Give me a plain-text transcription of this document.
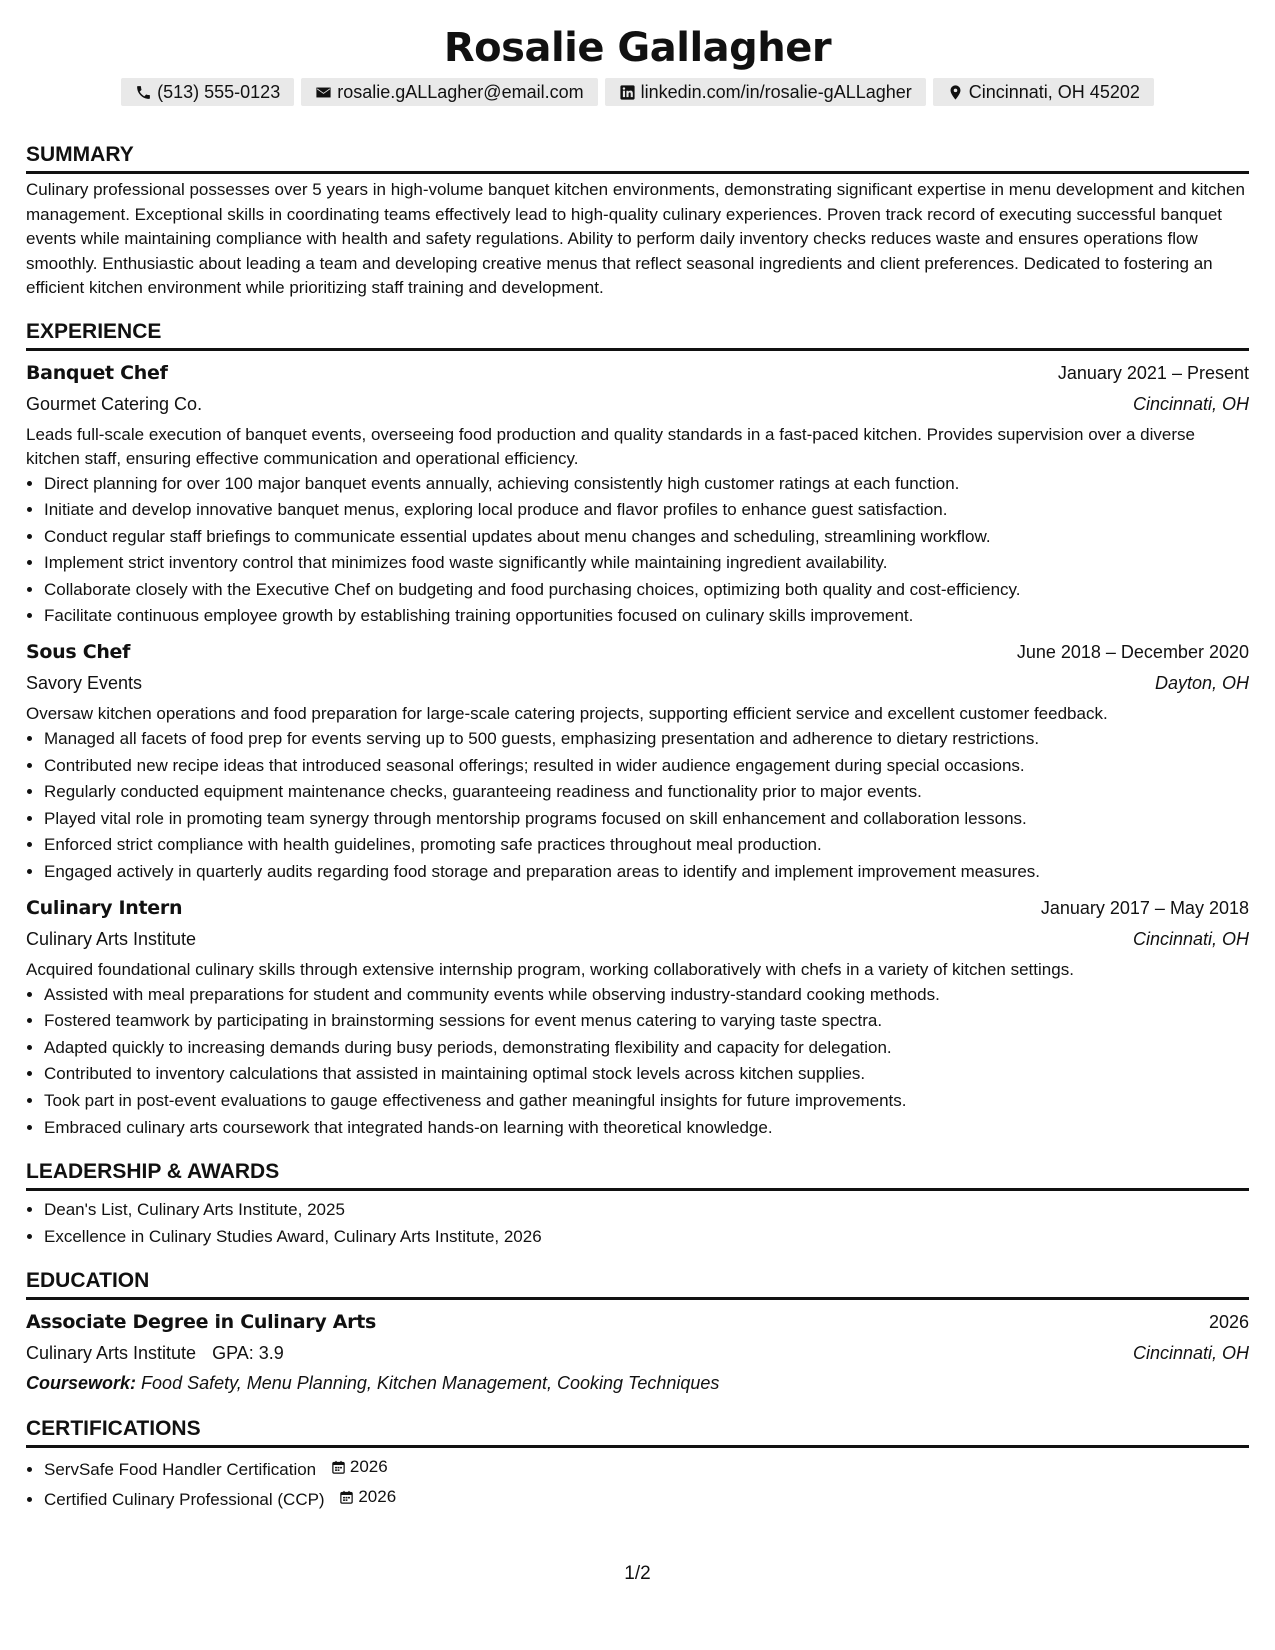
Rosalie Gallagher
(513) 555-0123	rosalie.gALLagher@email.com	linkedin.com/in/rosalie-gALLagher	Cincinnati, OH 45202
SUMMARY
Culinary professional possesses over 5 years in high-volume banquet kitchen environments, demonstrating significant expertise in menu development and kitchen management. Exceptional skills in coordinating teams effectively lead to high-quality culinary experiences. Proven track record of executing successful banquet events while maintaining compliance with health and safety regulations. Ability to perform daily inventory checks reduces waste and ensures operations flow smoothly. Enthusiastic about leading a team and developing creative menus that reflect seasonal ingredients and client preferences. Dedicated to fostering an efficient kitchen environment while prioritizing staff training and development.
EXPERIENCE
Banquet Chef	January 2021 – Present
Gourmet Catering Co.	Cincinnati, OH
Leads full-scale execution of banquet events, overseeing food production and quality standards in a fast-paced kitchen. Provides supervision over a diverse kitchen staff, ensuring effective communication and operational efficiency.
• Direct planning for over 100 major banquet events annually, achieving consistently high customer ratings at each function.
• Initiate and develop innovative banquet menus, exploring local produce and flavor profiles to enhance guest satisfaction.
• Conduct regular staff briefings to communicate essential updates about menu changes and scheduling, streamlining workflow.
• Implement strict inventory control that minimizes food waste significantly while maintaining ingredient availability.
• Collaborate closely with the Executive Chef on budgeting and food purchasing choices, optimizing both quality and cost-efficiency.
• Facilitate continuous employee growth by establishing training opportunities focused on culinary skills improvement.
Sous Chef	June 2018 – December 2020
Savory Events	Dayton, OH
Oversaw kitchen operations and food preparation for large-scale catering projects, supporting efficient service and excellent customer feedback.
• Managed all facets of food prep for events serving up to 500 guests, emphasizing presentation and adherence to dietary restrictions.
• Contributed new recipe ideas that introduced seasonal offerings; resulted in wider audience engagement during special occasions.
• Regularly conducted equipment maintenance checks, guaranteeing readiness and functionality prior to major events.
• Played vital role in promoting team synergy through mentorship programs focused on skill enhancement and collaboration lessons.
• Enforced strict compliance with health guidelines, promoting safe practices throughout meal production.
• Engaged actively in quarterly audits regarding food storage and preparation areas to identify and implement improvement measures.
Culinary Intern	January 2017 – May 2018
Culinary Arts Institute	Cincinnati, OH
Acquired foundational culinary skills through extensive internship program, working collaboratively with chefs in a variety of kitchen settings.
• Assisted with meal preparations for student and community events while observing industry-standard cooking methods.
• Fostered teamwork by participating in brainstorming sessions for event menus catering to varying taste spectra.
• Adapted quickly to increasing demands during busy periods, demonstrating flexibility and capacity for delegation.
• Contributed to inventory calculations that assisted in maintaining optimal stock levels across kitchen supplies.
• Took part in post-event evaluations to gauge effectiveness and gather meaningful insights for future improvements.
• Embraced culinary arts coursework that integrated hands-on learning with theoretical knowledge.
LEADERSHIP & AWARDS
• Dean's List, Culinary Arts Institute, 2025
• Excellence in Culinary Studies Award, Culinary Arts Institute, 2026
EDUCATION
Associate Degree in Culinary Arts	2026
Culinary Arts Institute GPA: 3.9	Cincinnati, OH
Coursework: Food Safety, Menu Planning, Kitchen Management, Cooking Techniques
CERTIFICATIONS
• ServSafe Food Handler Certification 2026
• Certified Culinary Professional (CCP) 2026
1/2
